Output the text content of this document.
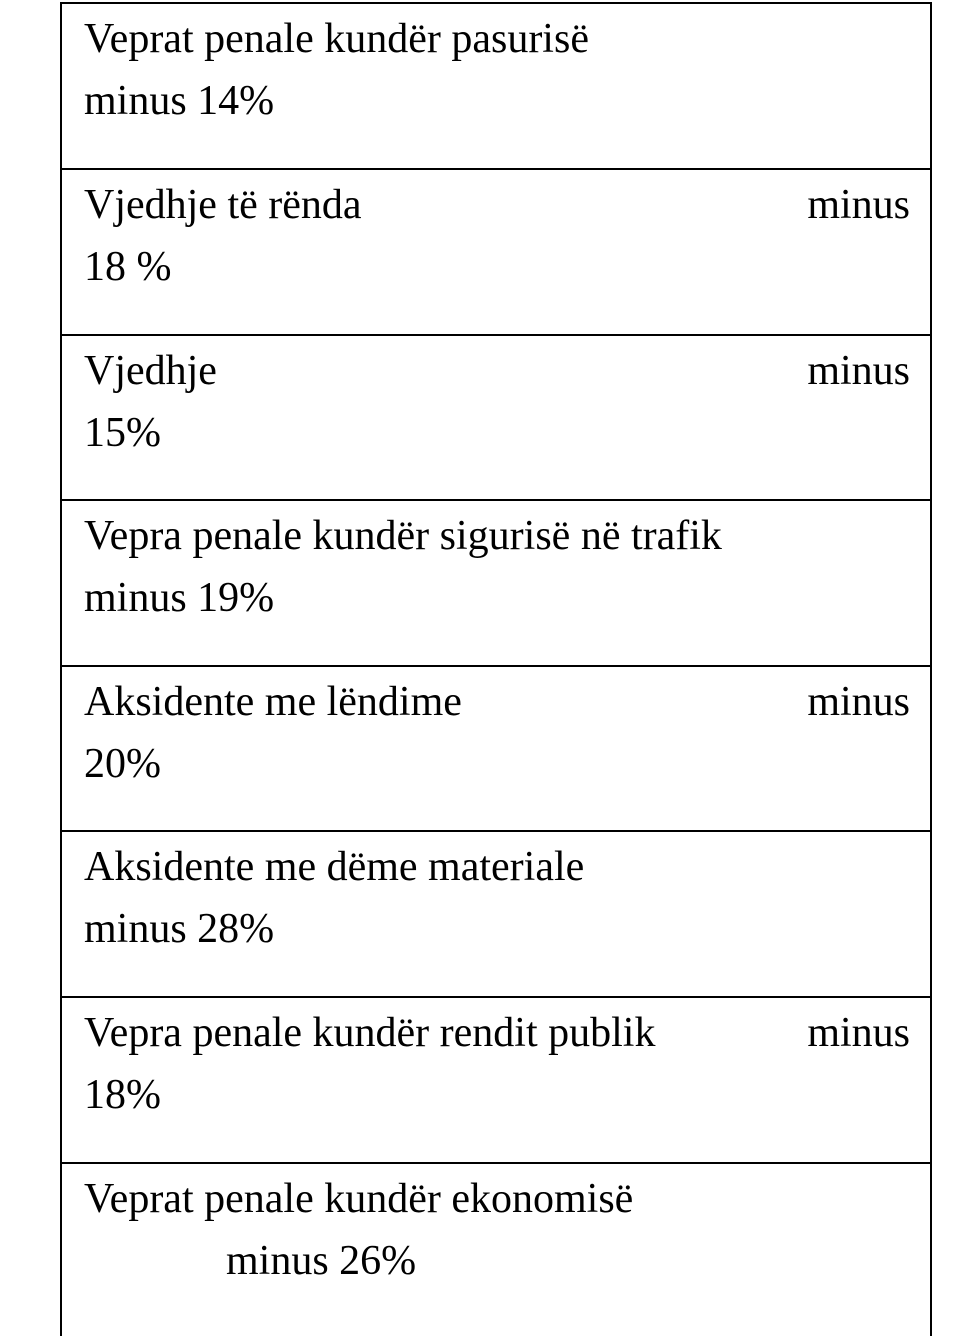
Veprat penale kundër pasurisë
minus 14%
Vjedhje të rënda	minus
18 %
Vjedhje	minus
15%
Vepra penale kundër sigurisë në trafik
minus 19%
Aksidente me lëndime	minus
20%
Aksidente me dëme materiale
minus 28%
Vepra penale kundër rendit publik	minus
18%
Veprat penale kundër ekonomisë
minus 26%
